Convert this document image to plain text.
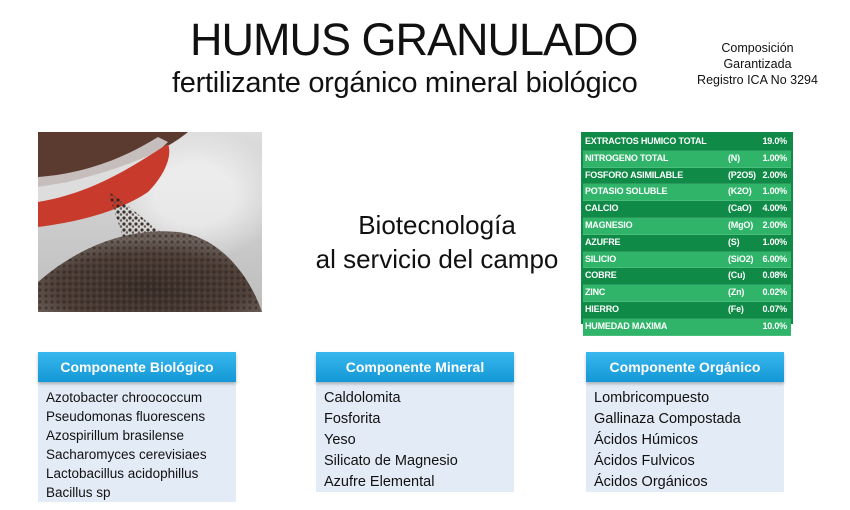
HUMUS GRANULADO
fertilizante orgánico mineral biológico
Composición
Garantizada
Registro ICA No 3294
Biotecnología
al servicio del campo
EXTRACTOS HUMICO TOTAL	19.0%
NITROGENO TOTAL	(N)	1.00%
FOSFORO ASIMILABLE	(P2O5) 2.00%
POTASIO SOLUBLE	(K2O) 1.00%
CALCIO	(CaO) 4.00%
MAGNESIO	(MgO) 2.00%
AZUFRE	(S)	1.00%
SILICIO	(SiO2) 6.00%
COBRE	(Cu) 0.08%
ZINC	(Zn) 0.02%
HIERRO	(Fe) 0.07%
HUMEDAD MAXIMA	10.0%
Componente Biológico
Azotobacter chroococcum
Pseudomonas fluorescens
Azospirillum brasilense
Sacharomyces cerevisiaes
Lactobacillus acidophillus
Bacillus sp
Componente Mineral
Caldolomita
Fosforita
Yeso
Silicato de Magnesio
Azufre Elemental
Componente Orgánico
Lombricompuesto
Gallinaza Compostada
Ácidos Húmicos
Ácidos Fulvicos
Ácidos Orgánicos
